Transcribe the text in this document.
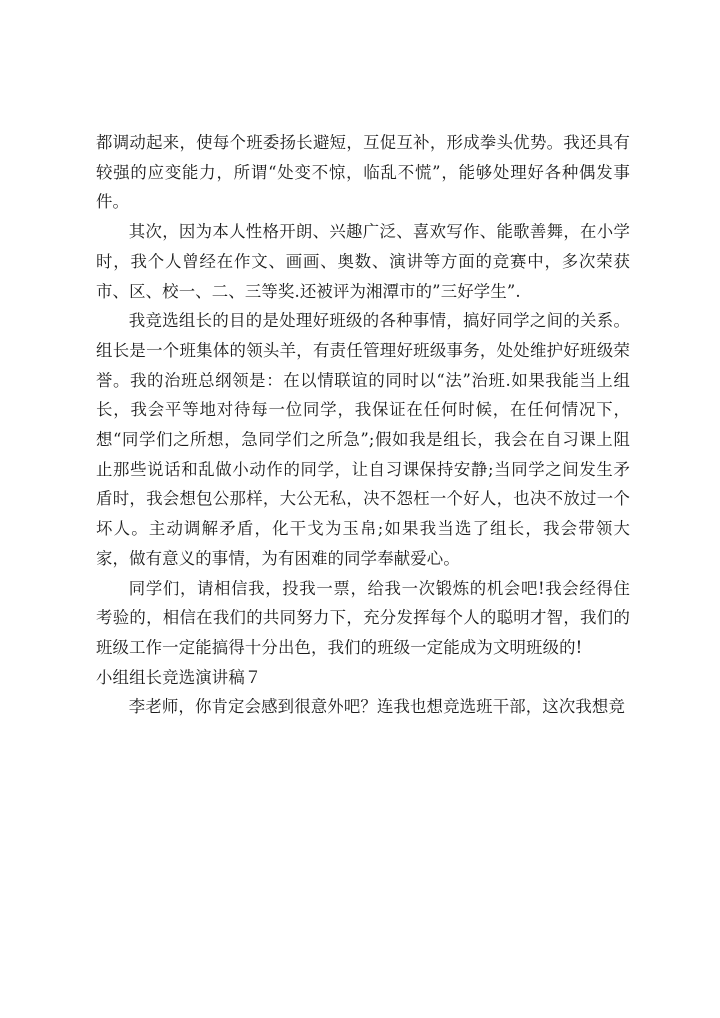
都调动起来，使每个班委扬长避短，互促互补，形成拳头优势。我还具有较强的应变能力，所谓“处变不惊，临乱不慌”，能够处理好各种偶发事件。

其次，因为本人性格开朗、兴趣广泛、喜欢写作、能歌善舞，在小学时，我个人曾经在作文、画画、奥数、演讲等方面的竞赛中，多次荣获市、区、校一、二、三等奖.还被评为湘潭市的”三好学生”.

我竞选组长的目的是处理好班级的各种事情，搞好同学之间的关系。组长是一个班集体的领头羊，有责任管理好班级事务，处处维护好班级荣誉。我的治班总纲领是：在以情联谊的同时以“法”治班.如果我能当上组长，我会平等地对待每一位同学，我保证在任何时候，在任何情况下，想“同学们之所想，急同学们之所急”;假如我是组长，我会在自习课上阻止那些说话和乱做小动作的同学，让自习课保持安静;当同学之间发生矛盾时，我会想包公那样，大公无私，决不怨枉一个好人，也决不放过一个坏人。主动调解矛盾，化干戈为玉帛;如果我当选了组长，我会带领大家，做有意义的事情，为有困难的同学奉献爱心。

同学们，请相信我，投我一票，给我一次锻炼的机会吧!我会经得住考验的，相信在我们的共同努力下，充分发挥每个人的聪明才智，我们的班级工作一定能搞得十分出色，我们的班级一定能成为文明班级的!

小组组长竞选演讲稿７

李老师，你肯定会感到很意外吧？连我也想竞选班干部，这次我想竞
